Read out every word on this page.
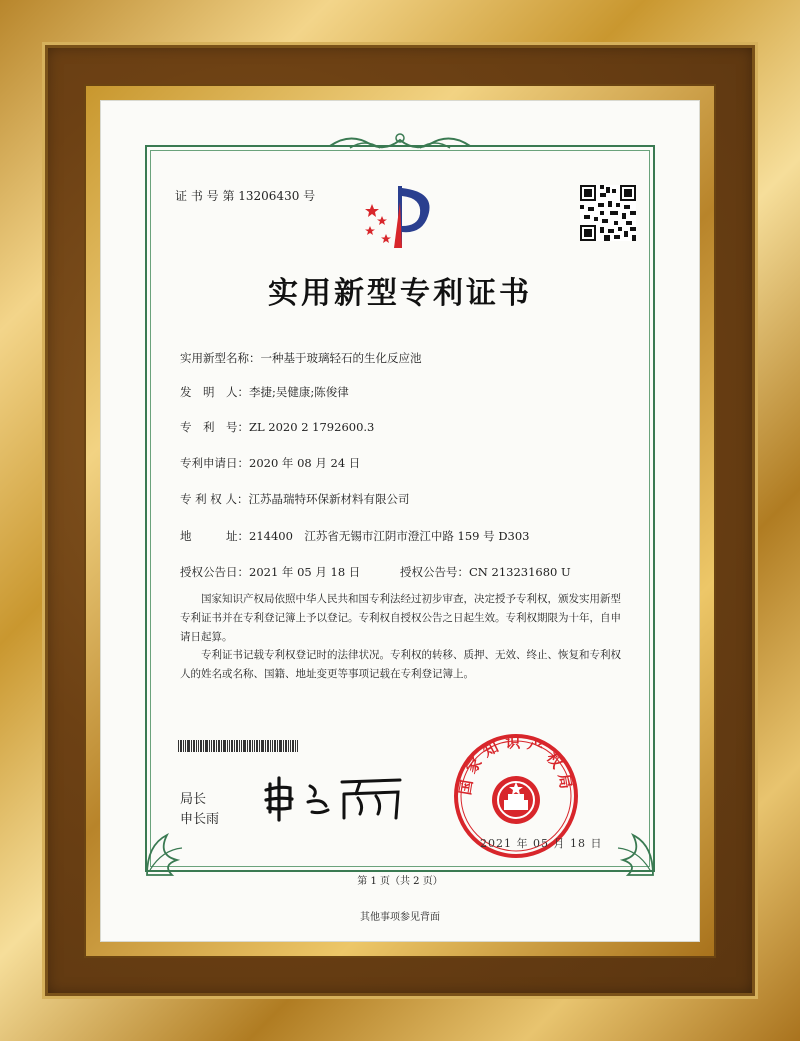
证 书 号 第 13206430 号
实用新型专利证书
实用新型名称：一种基于玻璃轻石的生化反应池
发　明　人：李捷;吴健康;陈俊律
专　利　号：ZL 2020 2 1792600.3
专利申请日：2020 年 08 月 24 日
专 利 权 人：江苏晶瑞特环保新材料有限公司
地　　　址：214400　江苏省无锡市江阴市澄江中路 159 号 D303
授权公告日：2021 年 05 月 18 日	授权公告号：CN 213231680 U
国家知识产权局依照中华人民共和国专利法经过初步审查，决定授予专利权，颁发实用新型专利证书并在专利登记簿上予以登记。专利权自授权公告之日起生效。专利权期限为十年，自申请日起算。
专利证书记载专利权登记时的法律状况。专利权的转移、质押、无效、终止、恢复和专利权人的姓名或名称、国籍、地址变更等事项记载在专利登记簿上。
局长
申长雨
国家知识产权局
2021 年 05 月 18 日
第 1 页（共 2 页）
其他事项参见背面
